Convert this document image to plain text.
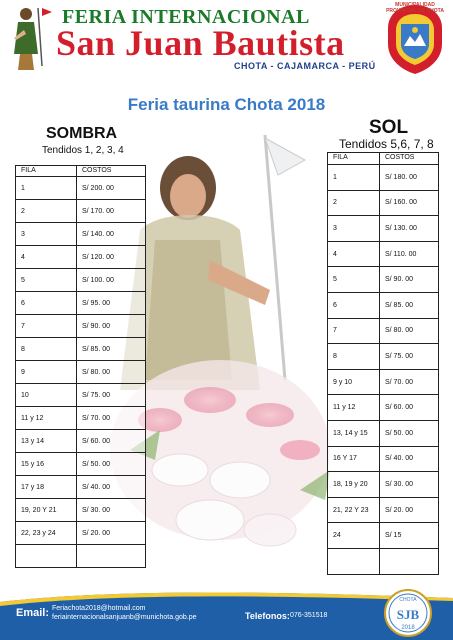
FERIA INTERNACIONAL
San Juan Bautista
CHOTA - CAJAMARCA - PERÚ
MUNICIPALIDAD PROVINCIAL DE CHOTA
Feria taurina Chota 2018
SOMBRA
Tendidos 1, 2, 3, 4
FILA	COSTOS
1	S/ 200. 00
2	S/ 170. 00
3	S/ 140. 00
4	S/ 120. 00
5	S/ 100. 00
6	S/ 95. 00
7	S/ 90. 00
8	S/ 85. 00
9	S/ 80. 00
10	S/ 75. 00
11 y 12	S/ 70. 00
13 y 14	S/ 60. 00
15 y 16	S/ 50. 00
17 y 18	S/ 40. 00
19, 20 Y 21	S/ 30. 00
22, 23 y 24	S/ 20. 00

SOL
Tendidos 5,6, 7, 8
FILA	COSTOS
1	S/ 180. 00
2	S/ 160. 00
3	S/ 130. 00
4	S/ 110. 00
5	S/ 90. 00
6	S/ 85. 00
7	S/ 80. 00
8	S/ 75. 00
9 y 10	S/ 70. 00
11 y 12	S/ 60. 00
13, 14 y 15	S/ 50. 00
16 Y 17	S/ 40. 00
18, 19 y 20	S/ 30. 00
21, 22 Y 23	S/ 20. 00
24	S/ 15

Email: Feriachota2018@hotmail.com
feriainternacionalsanjuanb@munichota.gob.pe	Telefonos: 076-351518
CHOTA
SJB
2018
